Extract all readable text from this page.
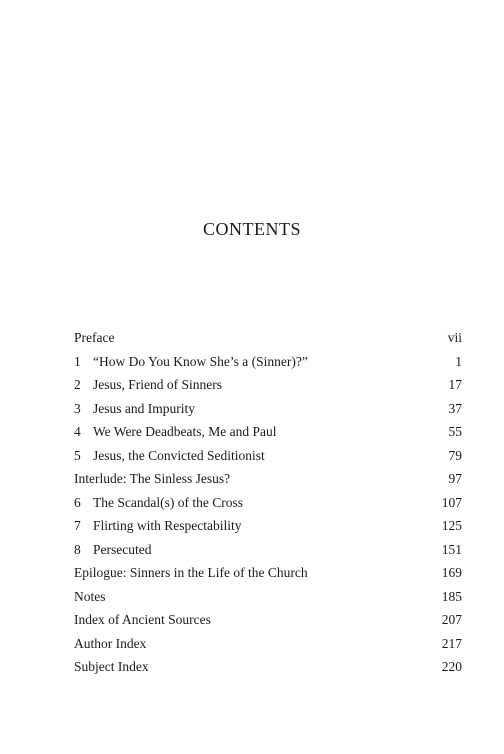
CONTENTS
Preface	vii
1 “How Do You Know She’s a (Sinner)?”	1
2 Jesus, Friend of Sinners	17
3 Jesus and Impurity	37
4 We Were Deadbeats, Me and Paul	55
5 Jesus, the Convicted Seditionist	79
Interlude: The Sinless Jesus?	97
6 The Scandal(s) of the Cross	107
7 Flirting with Respectability	125
8 Persecuted	151
Epilogue: Sinners in the Life of the Church	169
Notes	185
Index of Ancient Sources	207
Author Index	217
Subject Index	220
